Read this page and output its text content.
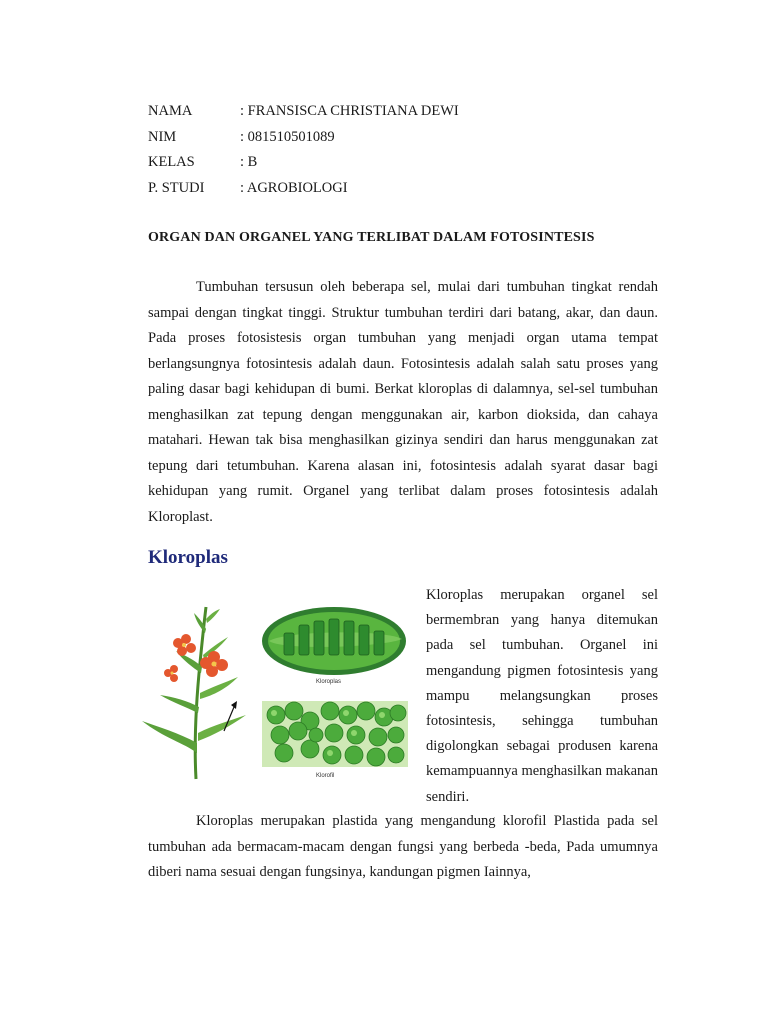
NAMA	: FRANSISCA CHRISTIANA DEWI
NIM	: 081510501089
KELAS	: B
P. STUDI : AGROBIOLOGI
ORGAN DAN ORGANEL YANG TERLIBAT DALAM FOTOSINTESIS

Tumbuhan tersusun oleh beberapa sel, mulai dari tumbuhan tingkat rendah sampai dengan tingkat tinggi. Struktur tumbuhan terdiri dari batang, akar, dan daun. Pada proses fotosistesis organ tumbuhan yang menjadi organ utama tempat berlangsungnya fotosintesis adalah daun. Fotosintesis adalah salah satu proses yang paling dasar bagi kehidupan di bumi. Berkat kloroplas di dalamnya, sel-sel tumbuhan menghasilkan zat tepung dengan menggunakan air, karbon dioksida, dan cahaya matahari. Hewan tak bisa menghasilkan gizinya sendiri dan harus menggunakan zat tepung dari tetumbuhan. Karena alasan ini, fotosintesis adalah syarat dasar bagi kehidupan yang rumit. Organel yang terlibat dalam proses fotosintesis adalah Kloroplast.

Kloroplas
Kloroplas
Klorofil

Kloroplas merupakan organel sel bermembran yang hanya ditemukan pada sel tumbuhan. Organel ini mengandung pigmen fotosintesis yang mampu melangsungkan proses fotosintesis, sehingga tumbuhan digolongkan sebagai produsen karena kemampuannya menghasilkan makanan sendiri.

Kloroplas merupakan plastida yang mengandung klorofil Plastida pada sel tumbuhan ada bermacam-macam dengan fungsi yang berbeda -beda, Pada umumnya diberi nama sesuai dengan fungsinya, kandungan pigmen Iainnya,
